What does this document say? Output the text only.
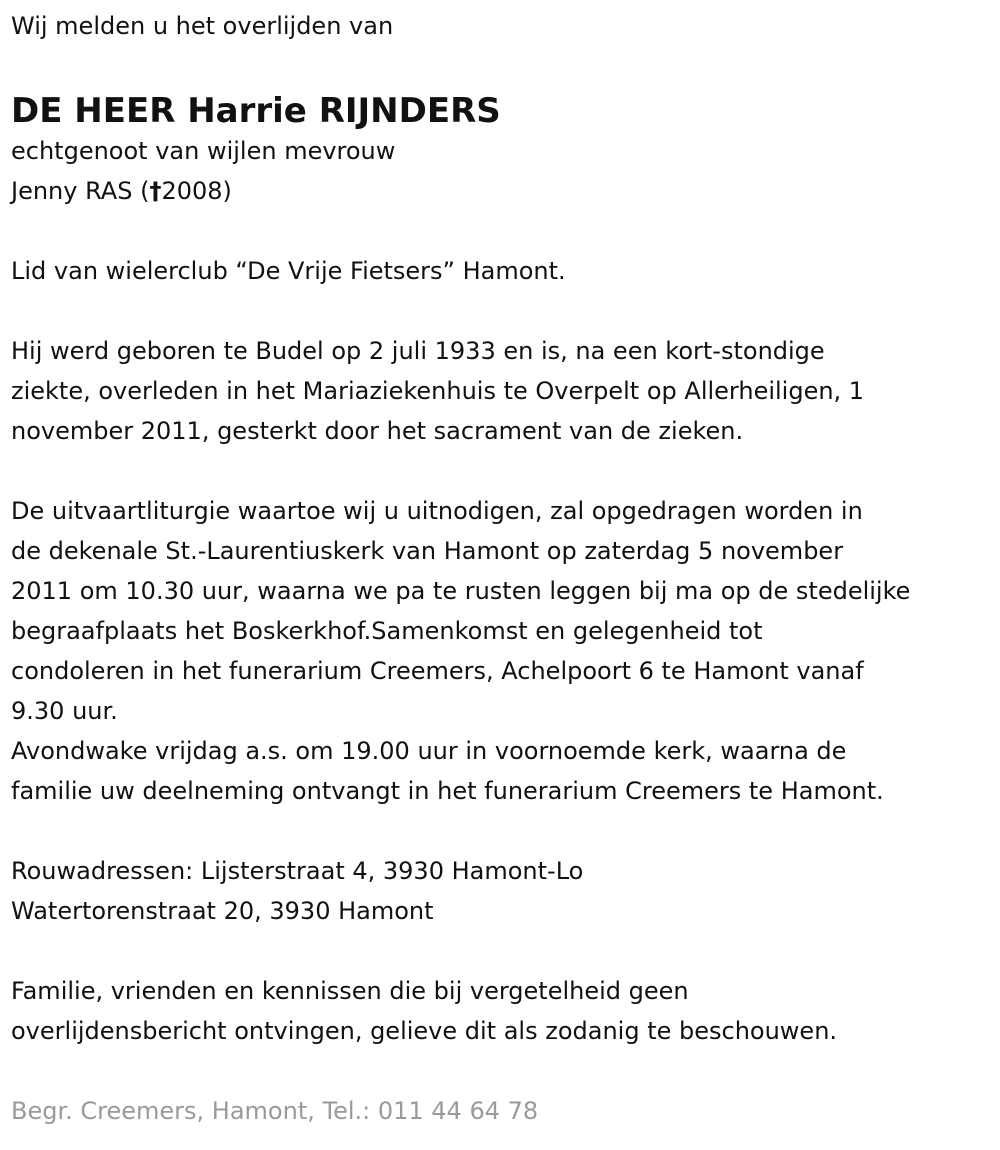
Wij melden u het overlijden van

DE HEER Harrie RIJNDERS

echtgenoot van wijlen mevrouw

Jenny RAS (†2008)

Lid van wielerclub “De Vrije Fietsers” Hamont.

Hij werd geboren te Budel op 2 juli 1933 en is, na een kort-stondige

ziekte, overleden in het Mariaziekenhuis te Overpelt op Allerheiligen, 1

november 2011, gesterkt door het sacrament van de zieken.

De uitvaartliturgie waartoe wij u uitnodigen, zal opgedragen worden in

de dekenale St.-Laurentiuskerk van Hamont op zaterdag 5 november

2011 om 10.30 uur, waarna we pa te rusten leggen bij ma op de stedelijke

begraafplaats het Boskerkhof.Samenkomst en gelegenheid tot

condoleren in het funerarium Creemers, Achelpoort 6 te Hamont vanaf

9.30 uur.

Avondwake vrijdag a.s. om 19.00 uur in voornoemde kerk, waarna de

familie uw deelneming ontvangt in het funerarium Creemers te Hamont.

Rouwadressen: Lijsterstraat 4, 3930 Hamont-Lo

Watertorenstraat 20, 3930 Hamont

Familie, vrienden en kennissen die bij vergetelheid geen

overlijdensbericht ontvingen, gelieve dit als zodanig te beschouwen.

Begr. Creemers, Hamont, Tel.: 011 44 64 78
